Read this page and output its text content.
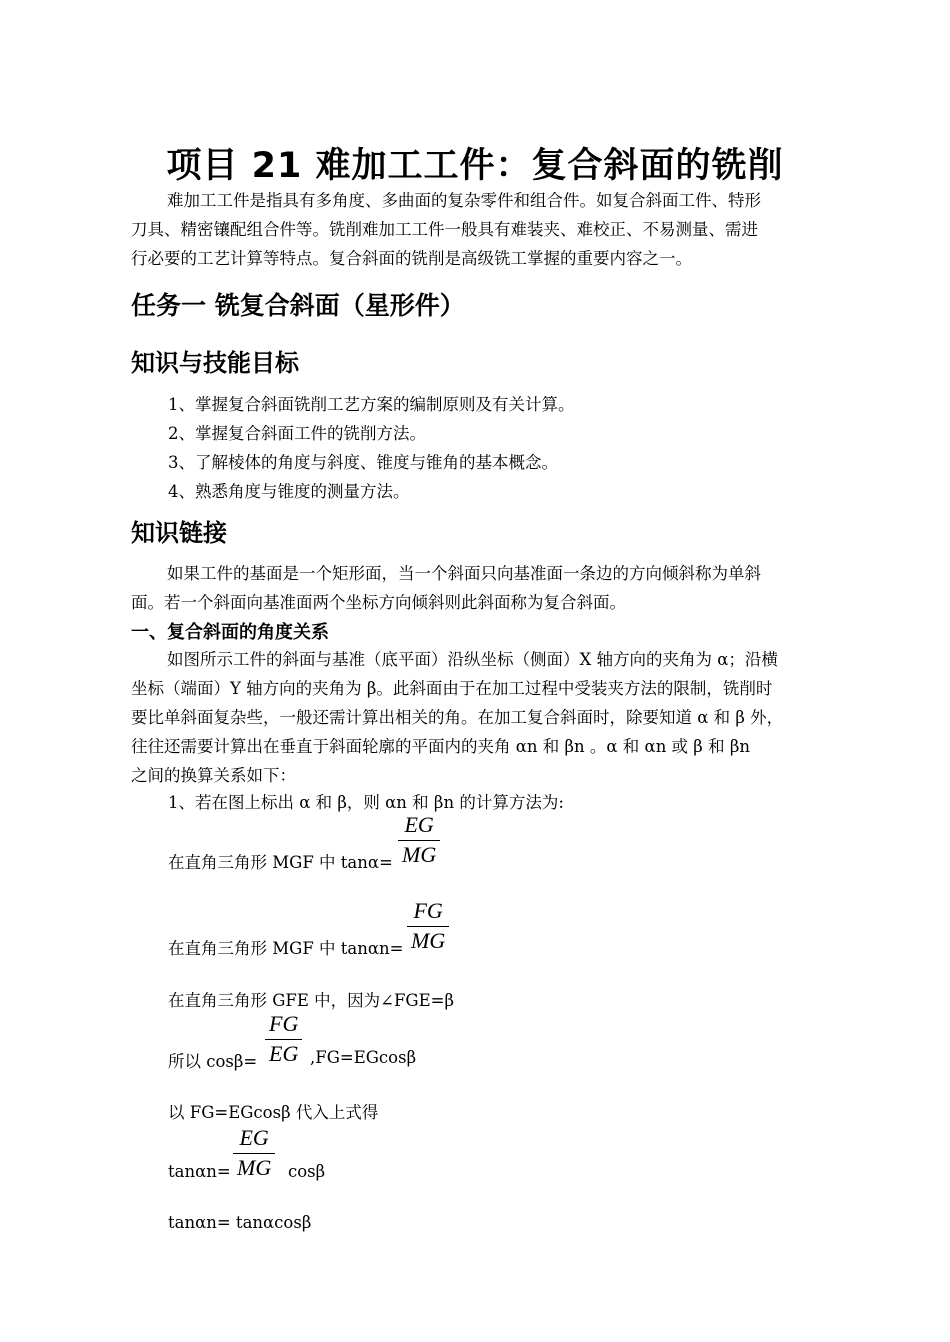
项目 21 难加工工件：复合斜面的铣削

难加工工件是指具有多角度、多曲面的复杂零件和组合件。如复合斜面工件、特形
刀具、精密镶配组合件等。铣削难加工工件一般具有难装夹、难校正、不易测量、需进
行必要的工艺计算等特点。复合斜面的铣削是高级铣工掌握的重要内容之一。

任务一 铣复合斜面（星形件）
知识与技能目标

1、掌握复合斜面铣削工艺方案的编制原则及有关计算。

2、掌握复合斜面工件的铣削方法。

3、了解棱体的角度与斜度、锥度与锥角的基本概念。

4、熟悉角度与锥度的测量方法。

知识链接

如果工件的基面是一个矩形面，当一个斜面只向基准面一条边的方向倾斜称为单斜
面。若一个斜面向基准面两个坐标方向倾斜则此斜面称为复合斜面。

一、复合斜面的角度关系

如图所示工件的斜面与基准（底平面）沿纵坐标（侧面）X 轴方向的夹角为 α；沿横
坐标（端面）Y 轴方向的夹角为 β。此斜面由于在加工过程中受装夹方法的限制，铣削时
要比单斜面复杂些，一般还需计算出相关的角。在加工复合斜面时，除要知道 α 和 β 外，
往往还需要计算出在垂直于斜面轮廓的平面内的夹角 αn 和 βn 。α 和 αn 或 β 和 βn
之间的换算关系如下：

1、若在图上标出 α 和 β，则 αn 和 βn 的计算方法为:

在直角三角形 MGF 中 $\tan\alpha= \frac{EG}{MG}$

在直角三角形 MGF 中 $\tan\alpha n= \frac{FG}{MG}$

在直角三角形 GFE 中，因为∠FGE=β

所以 $\cos\beta= \frac{FG}{EG} ,FG=EGcos\beta$

以 FG=EGcosβ 代入上式得

$\tan\alpha n= \frac{EG}{MG}$ cosβ

tanαn= tanαcosβ
